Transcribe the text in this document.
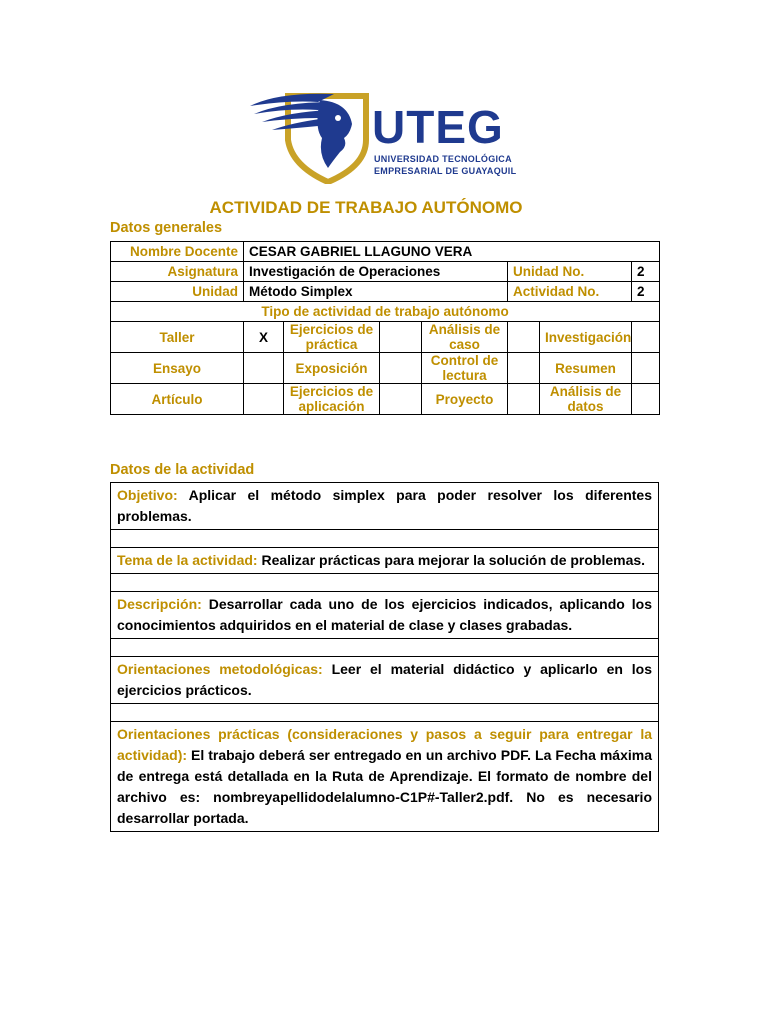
UTEG
UNIVERSIDAD TECNOLÓGICA
EMPRESARIAL DE GUAYAQUIL
ACTIVIDAD DE TRABAJO AUTÓNOMO
Datos generales
Nombre Docente	CESAR GABRIEL LLAGUNO VERA						
Asignatura	Investigación de Operaciones				Unidad No.		2
Unidad	Método Simplex				Actividad No.		2
Tipo de actividad de trabajo autónomo							
Taller	X	Ejercicios de práctica		Análisis de caso		Investigación	
Ensayo		Exposición		Control de lectura		Resumen	
Artículo		Ejercicios de aplicación		Proyecto		Análisis de datos	
Datos de la actividad
Objetivo: Aplicar el método simplex para poder resolver los diferentes problemas.

Tema de la actividad: Realizar prácticas para mejorar la solución de problemas.

Descripción: Desarrollar cada uno de los ejercicios indicados, aplicando los conocimientos adquiridos en el material de clase y clases grabadas.

Orientaciones metodológicas: Leer el material didáctico y aplicarlo en los ejercicios prácticos.

Orientaciones prácticas (consideraciones y pasos a seguir para entregar la actividad): El trabajo deberá ser entregado en un archivo PDF. La Fecha máxima de entrega está detallada en la Ruta de Aprendizaje. El formato de nombre del archivo es: nombreyapellidodelalumno-C1P#-Taller2.pdf. No es necesario desarrollar portada.
